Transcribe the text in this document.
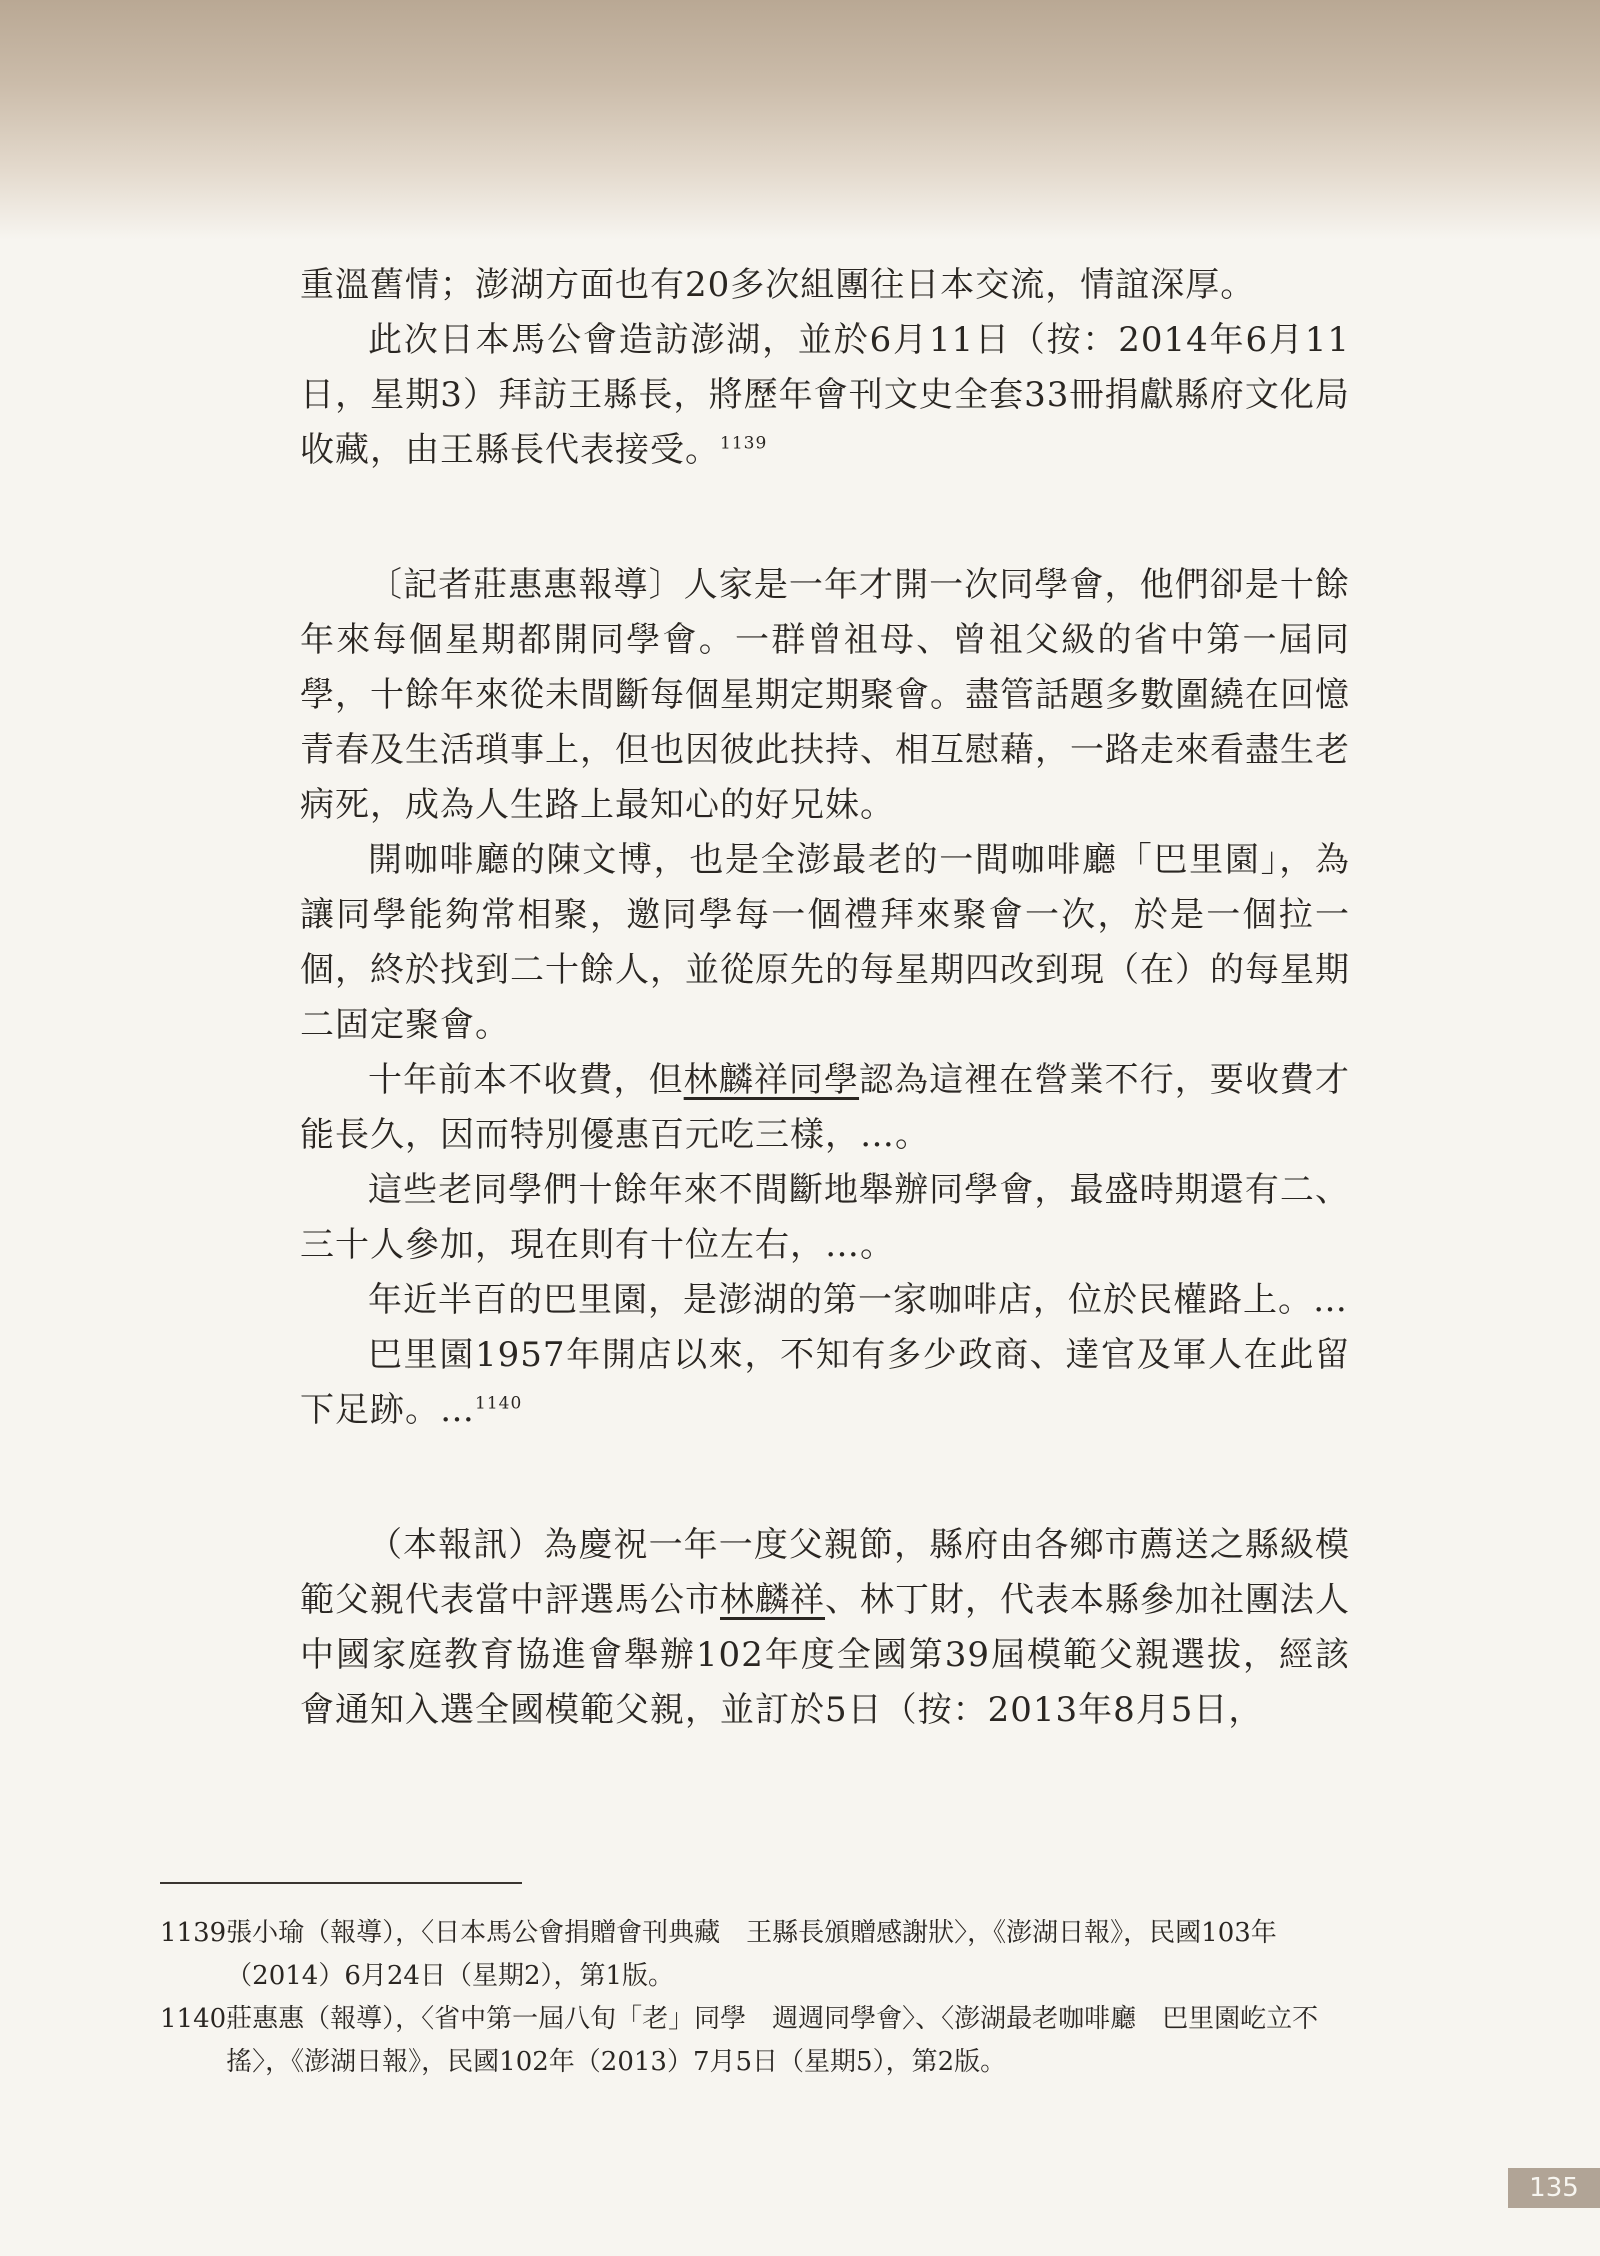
重溫舊情；澎湖方面也有20多次組團往日本交流，情誼深厚。

此次日本馬公會造訪澎湖，並於6月11日（按：2014年6月11日，星期3）拜訪王縣長，將歷年會刊文史全套33冊捐獻縣府文化局收藏，由王縣長代表接受。$^{1139}$

〔記者莊惠惠報導〕人家是一年才開一次同學會，他們卻是十餘年來每個星期都開同學會。一群曾祖母、曾祖父級的省中第一屆同學，十餘年來從未間斷每個星期定期聚會。盡管話題多數圍繞在回憶青春及生活瑣事上，但也因彼此扶持、相互慰藉，一路走來看盡生老病死，成為人生路上最知心的好兄妹。

開咖啡廳的陳文博，也是全澎最老的一間咖啡廳「巴里園」，為讓同學能夠常相聚，邀同學每一個禮拜來聚會一次，於是一個拉一個，終於找到二十餘人，並從原先的每星期四改到現（在）的每星期二固定聚會。

十年前本不收費，但林麟祥同學認為這裡在營業不行，要收費才能長久，因而特別優惠百元吃三樣，…。

這些老同學們十餘年來不間斷地舉辦同學會，最盛時期還有二、三十人參加，現在則有十位左右，…。

年近半百的巴里園，是澎湖的第一家咖啡店，位於民權路上。…

巴里園1957年開店以來，不知有多少政商、達官及軍人在此留下足跡。…$^{1140}$

（本報訊）為慶祝一年一度父親節，縣府由各鄉市薦送之縣級模範父親代表當中評選馬公市林麟祥、林丁財，代表本縣參加社團法人中國家庭教育協進會舉辦102年度全國第39屆模範父親選拔，經該會通知入選全國模範父親，並訂於5日（按：2013年8月5日，

1139 張小瑜（報導），〈日本馬公會捐贈會刊典藏　王縣長頒贈感謝狀〉，《澎湖日報》，民國103年（2014）6月24日（星期2），第1版。
1140 莊惠惠（報導），〈省中第一屆八旬「老」同學　週週同學會〉、〈澎湖最老咖啡廳　巴里園屹立不搖〉，《澎湖日報》，民國102年（2013）7月5日（星期5），第2版。
135
